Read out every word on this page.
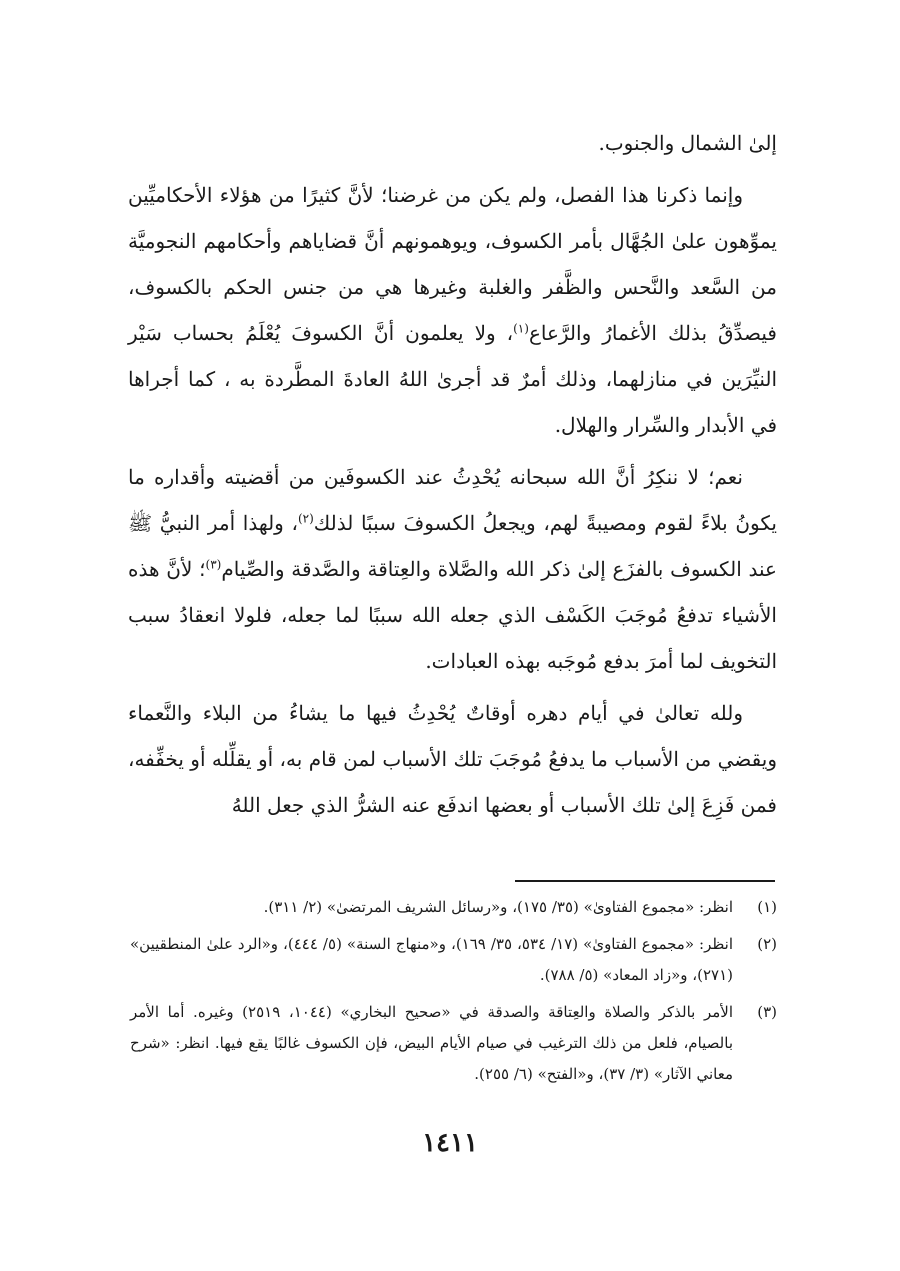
إلىٰ الشمال والجنوب.

وإنما ذكرنا هذا الفصل، ولم يكن من غرضنا؛ لأنَّ كثيرًا من هؤلاء الأحكاميِّين يموِّهون علىٰ الجُهَّال بأمر الكسوف، ويوهمونهم أنَّ قضاياهم وأحكامهم النجوميَّة من السَّعد والنَّحس والظَّفر والغلبة وغيرها هي من جنس الحكم بالكسوف، فيصدِّقُ بذلك الأغمارُ والرَّعاع$^{(١)}$، ولا يعلمون أنَّ الكسوفَ يُعْلَمُ بحساب سَيْر النيِّرَين في منازلهما، وذلك أمرٌ قد أجرىٰ اللهُ العادةَ المطَّردة به ، كما أجراها في الأبدار والسِّرار والهلال.

نعم؛ لا ننكِرُ أنَّ الله سبحانه يُحْدِثُ عند الكسوفَين من أقضيته وأقداره ما يكونُ بلاءً لقوم ومصيبةً لهم، ويجعلُ الكسوفَ سببًا لذلك$^{(٢)}$، ولهذا أمر النبيُّ ﷺ عند الكسوف بالفزَع إلىٰ ذكر الله والصَّلاة والعِتاقة والصَّدقة والصِّيام$^{(٣)}$؛ لأنَّ هذه الأشياء تدفعُ مُوجَبَ الكَسْف الذي جعله الله سببًا لما جعله، فلولا انعقادُ سبب التخويف لما أمرَ بدفع مُوجَبه بهذه العبادات.

ولله تعالىٰ في أيام دهره أوقاتٌ يُحْدِثُ فيها ما يشاءُ من البلاء والنَّعماء ويقضي من الأسباب ما يدفعُ مُوجَبَ تلك الأسباب لمن قام به، أو يقلِّله أو يخفِّفه، فمن فَزِعَ إلىٰ تلك الأسباب أو بعضها اندفَع عنه الشرُّ الذي جعل اللهُ

(١)
انظر: «مجموع الفتاوىٰ» (٣٥/ ١٧٥)، و«رسائل الشريف المرتضىٰ» (٢/ ٣١١).
(٢)
انظر: «مجموع الفتاوىٰ» (١٧/ ٥٣٤، ٣٥/ ١٦٩)، و«منهاج السنة» (٥/ ٤٤٤)، و«الرد علىٰ المنطقيين» (٢٧١)، و«زاد المعاد» (٥/ ٧٨٨).
(٣)
الأمر بالذكر والصلاة والعِتاقة والصدقة في «صحيح البخاري» (١٠٤٤، ٢٥١٩) وغيره. أما الأمر بالصيام، فلعل من ذلك الترغيب في صيام الأيام البيض، فإن الكسوف غالبًا يقع فيها. انظر: «شرح معاني الآثار» (٣/ ٣٧)، و«الفتح» (٦/ ٢٥٥).
١٤١١
